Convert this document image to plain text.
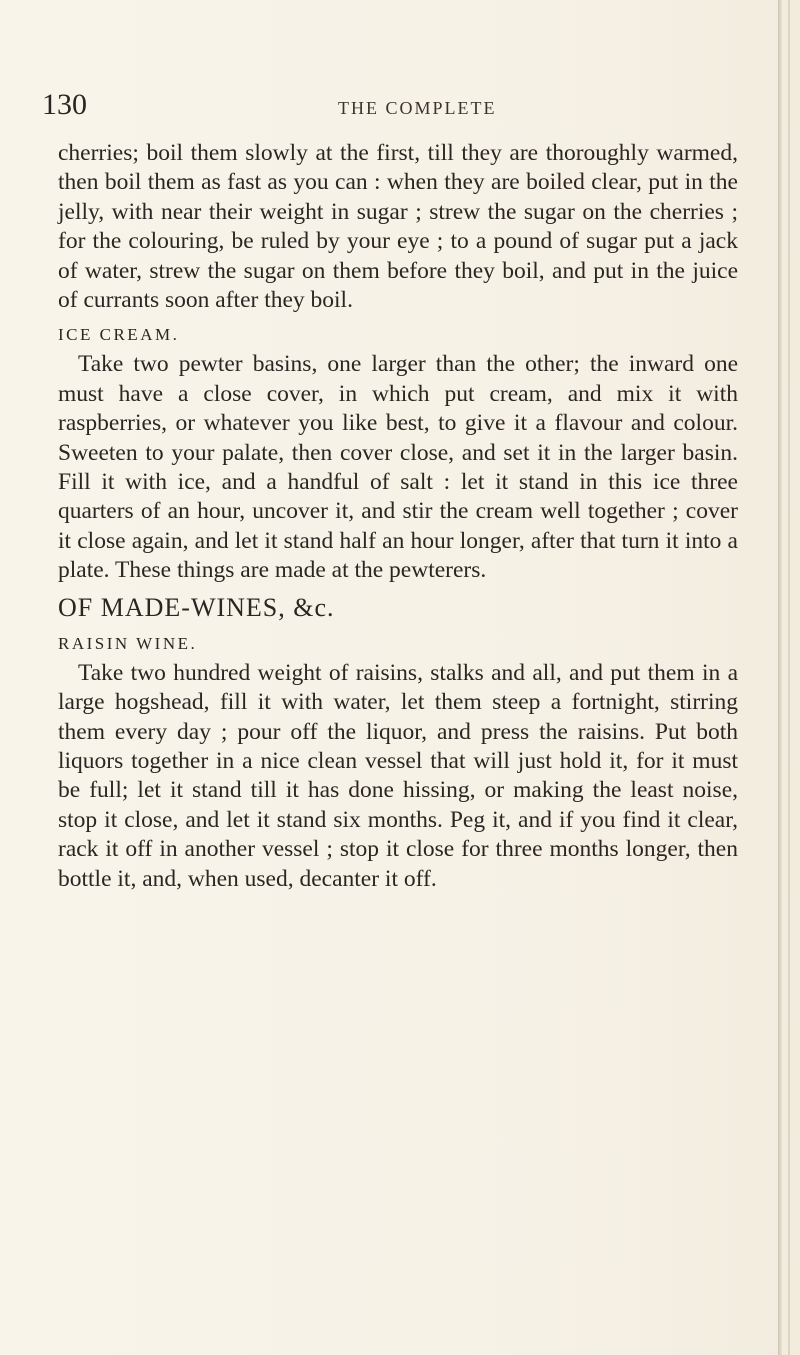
130	THE COMPLETE

cherries; boil them slowly at the first, till they are thoroughly warmed, then boil them as fast as you can : when they are boiled clear, put in the jelly, with near their weight in sugar ; strew the sugar on the cherries ; for the colouring, be ruled by your eye ; to a pound of sugar put a jack of water, strew the sugar on them before they boil, and put in the juice of currants soon after they boil.

ICE CREAM.

Take two pewter basins, one larger than the other; the inward one must have a close cover, in which put cream, and mix it with raspberries, or whatever you like best, to give it a flavour and colour. Sweeten to your palate, then cover close, and set it in the larger basin. Fill it with ice, and a handful of salt : let it stand in this ice three quarters of an hour, uncover it, and stir the cream well together ; cover it close again, and let it stand half an hour longer, after that turn it into a plate. These things are made at the pewterers.

OF MADE-WINES, &c.
RAISIN WINE.

Take two hundred weight of raisins, stalks and all, and put them in a large hogshead, fill it with water, let them steep a fortnight, stirring them every day ; pour off the liquor, and press the raisins. Put both liquors together in a nice clean vessel that will just hold it, for it must be full; let it stand till it has done hissing, or making the least noise, stop it close, and let it stand six months. Peg it, and if you find it clear, rack it off in another vessel ; stop it close for three months longer, then bottle it, and, when used, decanter it off.
